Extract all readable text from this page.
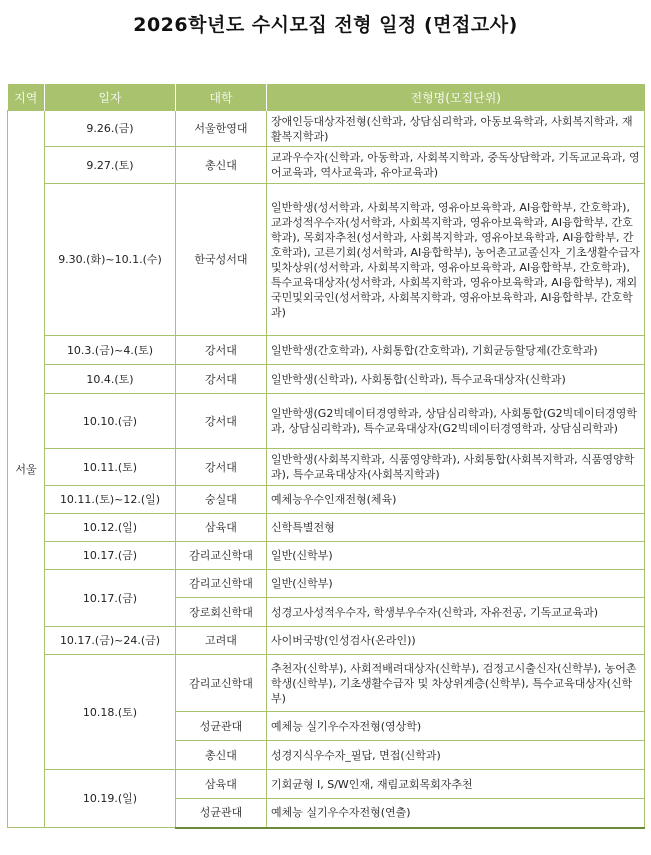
2026학년도 수시모집 전형 일정 (면접고사)
지역	일자	대학	전형명(모집단위)
서울	9.26.(금)	서울한영대	장애인등대상자전형(신학과, 상담심리학과, 아동보육학과, 사회복지학과, 재활복지학과)
	9.27.(토)	총신대	교과우수자(신학과, 아동학과, 사회복지학과, 중독상담학과, 기독교교육과, 영어교육과, 역사교육과, 유아교육과)
	9.30.(화)~10.1.(수)	한국성서대	일반학생(성서학과, 사회복지학과, 영유아보육학과, AI융합학부, 간호학과), 교과성적우수자(성서학과, 사회복지학과, 영유아보육학과, AI융합학부, 간호학과), 목회자추천(성서학과, 사회복지학과, 영유아보육학과, AI융합학부, 간호학과), 고른기회(성서학과, AI융합학부), 농어촌고교졸신자_기초생활수급자및차상위(성서학과, 사회복지학과, 영유아보육학과, AI융합학부, 간호학과), 특수교육대상자(성서학과, 사회복지학과, 영유아보육학과, AI융합학부), 재외국민및외국인(성서학과, 사회복지학과, 영유아보육학과, AI융합학부, 간호학과)
	10.3.(금)~4.(토)	강서대	일반학생(간호학과), 사회통합(간호학과), 기회균등할당제(간호학과)
	10.4.(토)	강서대	일반학생(신학과), 사회통합(신학과), 특수교육대상자(신학과)
	10.10.(금)	강서대	일반학생(G2빅데이터경영학과, 상담심리학과), 사회통합(G2빅데이터경영학과, 상담심리학과), 특수교육대상자(G2빅데이터경영학과, 상담심리학과)
	10.11.(토)	강서대	일반학생(사회복지학과, 식품영양학과), 사회통합(사회복지학과, 식품영양학과), 특수교육대상자(사회복지학과)
	10.11.(토)~12.(일)	숭실대	예체능우수인재전형(체육)
	10.12.(일)	삼육대	신학특별전형
	10.17.(금)	감리교신학대	일반(신학부)
	10.17.(금)	감리교신학대	일반(신학부)
		장로회신학대	성경고사성적우수자, 학생부우수자(신학과, 자유전공, 기독교교육과)
	10.17.(금)~24.(금)	고려대	사이버국방(인성검사(온라인))
	10.18.(토)	감리교신학대	추천자(신학부), 사회적배려대상자(신학부), 검정고시출신자(신학부), 농어촌학생(신학부), 기초생활수급자 및 차상위계층(신학부), 특수교육대상자(신학부)
		성균관대	예체능 실기우수자전형(영상학)
		총신대	성경지식우수자_필답, 면접(신학과)
	10.19.(일)	삼육대	기회균형 I, S/W인재, 재림교회목회자추천
		성균관대	예체능 실기우수자전형(연출)
